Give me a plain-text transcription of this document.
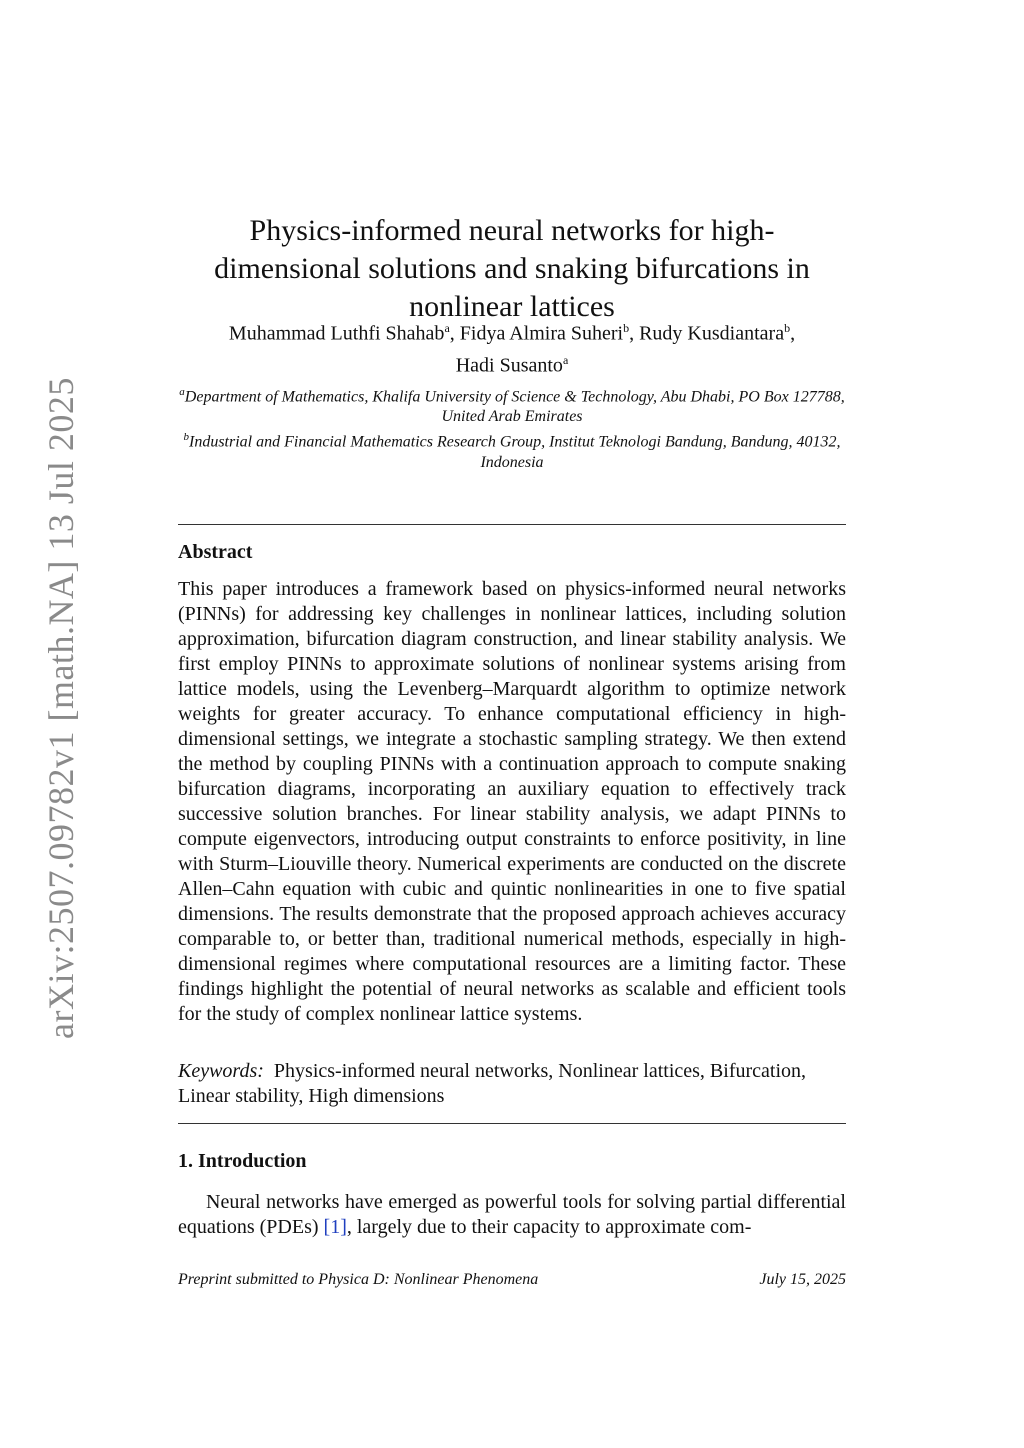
arXiv:2507.09782v1 [math.NA] 13 Jul 2025
Physics-informed neural networks for high-dimensional solutions and snaking bifurcations in nonlinear lattices
Muhammad Luthfi Shahab$^a$, Fidya Almira Suheri$^b$, Rudy Kusdiantara$^b$,
Hadi Susanto$^a$
$^a$Department of Mathematics, Khalifa University of Science & Technology, Abu Dhabi, PO Box 127788, United Arab Emirates
$^b$Industrial and Financial Mathematics Research Group, Institut Teknologi Bandung, Bandung, 40132, Indonesia
Abstract

This paper introduces a framework based on physics-informed neural networks (PINNs) for addressing key challenges in nonlinear lattices, including solution approximation, bifurcation diagram construction, and linear stability analysis. We first employ PINNs to approximate solutions of nonlinear systems arising from lattice models, using the Levenberg–Marquardt algorithm to optimize network weights for greater accuracy. To enhance computational efficiency in high-dimensional settings, we integrate a stochastic sampling strategy. We then extend the method by coupling PINNs with a continuation approach to compute snaking bifurcation diagrams, incorporating an auxiliary equation to effectively track successive solution branches. For linear stability analysis, we adapt PINNs to compute eigenvectors, introducing output constraints to enforce positivity, in line with Sturm–Liouville theory. Numerical experiments are conducted on the discrete Allen–Cahn equation with cubic and quintic nonlinearities in one to five spatial dimensions. The results demonstrate that the proposed approach achieves accuracy comparable to, or better than, traditional numerical methods, especially in high-dimensional regimes where computational resources are a limiting factor. These findings highlight the potential of neural networks as scalable and efficient tools for the study of complex nonlinear lattice systems.

Keywords: Physics-informed neural networks, Nonlinear lattices, Bifurcation, Linear stability, High dimensions

1. Introduction

Neural networks have emerged as powerful tools for solving partial differential equations (PDEs) [1], largely due to their capacity to approximate com-

Preprint submitted to Physica D: Nonlinear Phenomena	July 15, 2025
